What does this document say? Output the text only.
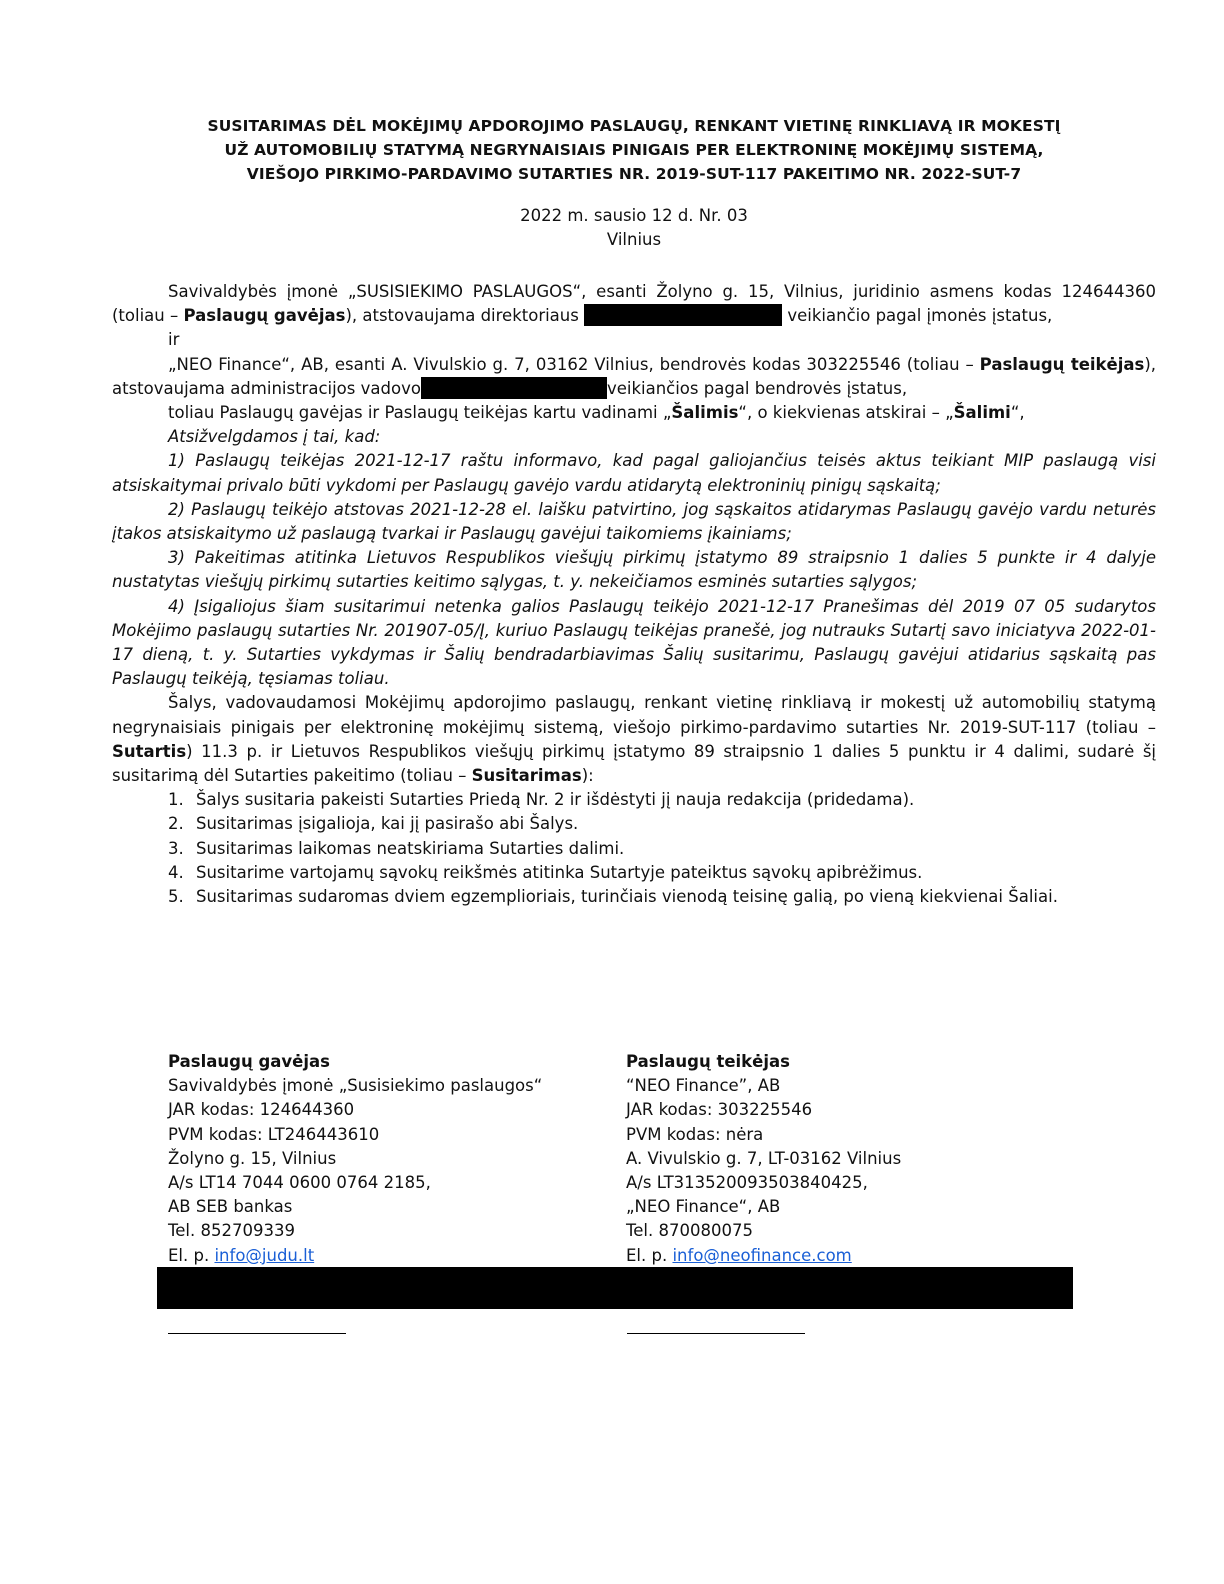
SUSITARIMAS DĖL MOKĖJIMŲ APDOROJIMO PASLAUGŲ, RENKANT VIETINĘ RINKLIAVĄ IR MOKESTĮ
UŽ AUTOMOBILIŲ STATYMĄ NEGRYNAISIAIS PINIGAIS PER ELEKTRONINĘ MOKĖJIMŲ SISTEMĄ,
VIEŠOJO PIRKIMO-PARDAVIMO SUTARTIES NR. 2019-SUT-117 PAKEITIMO NR. 2022-SUT-7
2022 m. sausio 12 d. Nr. 03
Vilnius

Savivaldybės įmonė „SUSISIEKIMO PASLAUGOS“, esanti Žolyno g. 15, Vilnius, juridinio asmens kodas 124644360 (toliau – Paslaugų gavėjas), atstovaujama direktoriaus	veikiančio pagal įmonės įstatus,

ir

„NEO Finance“, AB, esanti A. Vivulskio g. 7, 03162 Vilnius, bendrovės kodas 303225546 (toliau – Paslaugų teikėjas), atstovaujama administracijos vadovo	veikiančios pagal bendrovės įstatus,

toliau Paslaugų gavėjas ir Paslaugų teikėjas kartu vadinami „Šalimis“, o kiekvienas atskirai – „Šalimi“,

Atsižvelgdamos į tai, kad:

1) Paslaugų teikėjas 2021-12-17 raštu informavo, kad pagal galiojančius teisės aktus teikiant MIP paslaugą visi atsiskaitymai privalo būti vykdomi per Paslaugų gavėjo vardu atidarytą elektroninių pinigų sąskaitą;

2) Paslaugų teikėjo atstovas 2021-12-28 el. laišku patvirtino, jog sąskaitos atidarymas Paslaugų gavėjo vardu neturės įtakos atsiskaitymo už paslaugą tvarkai ir Paslaugų gavėjui taikomiems įkainiams;

3) Pakeitimas atitinka Lietuvos Respublikos viešųjų pirkimų įstatymo 89 straipsnio 1 dalies 5 punkte ir 4 dalyje nustatytas viešųjų pirkimų sutarties keitimo sąlygas, t. y. nekeičiamos esminės sutarties sąlygos;

4) Įsigaliojus šiam susitarimui netenka galios Paslaugų teikėjo 2021-12-17 Pranešimas dėl 2019 07 05 sudarytos Mokėjimo paslaugų sutarties Nr. 201907-05/Į, kuriuo Paslaugų teikėjas pranešė, jog nutrauks Sutartį savo iniciatyva 2022-01-17 dieną, t. y. Sutarties vykdymas ir Šalių bendradarbiavimas Šalių susitarimu, Paslaugų gavėjui atidarius sąskaitą pas Paslaugų teikėją, tęsiamas toliau.

Šalys, vadovaudamosi Mokėjimų apdorojimo paslaugų, renkant vietinę rinkliavą ir mokestį už automobilių statymą negrynaisiais pinigais per elektroninę mokėjimų sistemą, viešojo pirkimo-pardavimo sutarties Nr. 2019-SUT-117 (toliau – Sutartis) 11.3 p. ir Lietuvos Respublikos viešųjų pirkimų įstatymo 89 straipsnio 1 dalies 5 punktu ir 4 dalimi, sudarė šį susitarimą dėl Sutarties pakeitimo (toliau – Susitarimas):

1. Šalys susitaria pakeisti Sutarties Priedą Nr. 2 ir išdėstyti jį nauja redakcija (pridedama).

2. Susitarimas įsigalioja, kai jį pasirašo abi Šalys.

3. Susitarimas laikomas neatskiriama Sutarties dalimi.

4. Susitarime vartojamų sąvokų reikšmės atitinka Sutartyje pateiktus sąvokų apibrėžimus.

5. Susitarimas sudaromas dviem egzemplioriais, turinčiais vienodą teisinę galią, po vieną kiekvienai Šaliai.

Paslaugų gavėjas
Savivaldybės įmonė „Susisiekimo paslaugos“
JAR kodas: 124644360
PVM kodas: LT246443610
Žolyno g. 15, Vilnius
A/s LT14 7044 0600 0764 2185,
AB SEB bankas
Tel. 852709339
El. p. info@judu.lt
Paslaugų teikėjas
“NEO Finance”, AB
JAR kodas: 303225546
PVM kodas: nėra
A. Vivulskio g. 7, LT-03162 Vilnius
A/s LT313520093503840425,
„NEO Finance“, AB
Tel. 870080075
El. p. info@neofinance.com
